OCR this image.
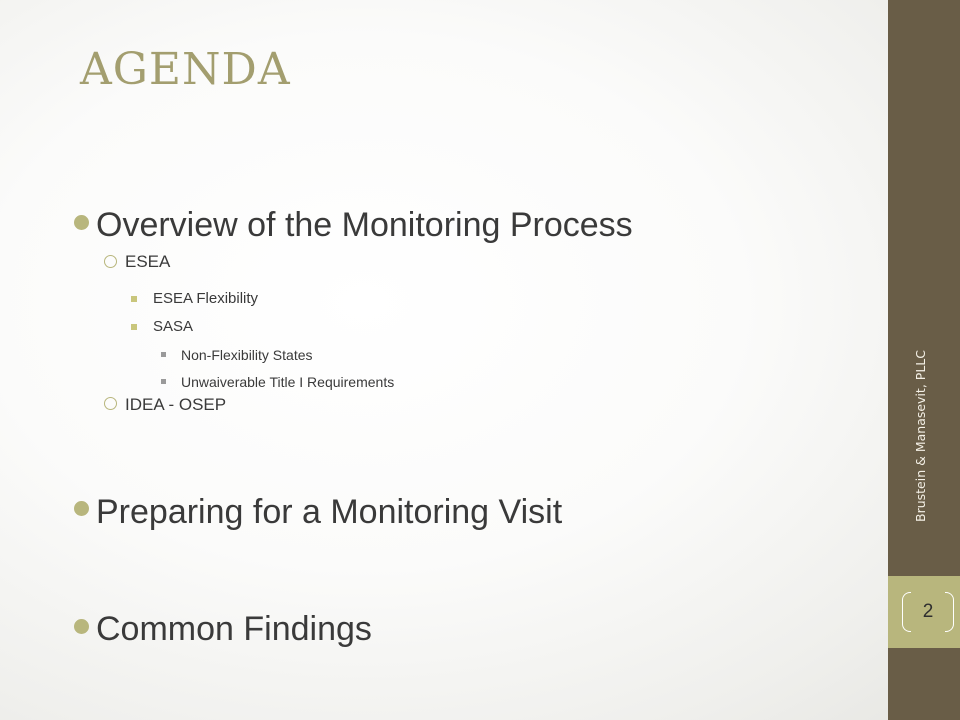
AGENDA
Overview of the Monitoring Process
ESEA
ESEA Flexibility
SASA
Non-Flexibility States
Unwaiverable Title I Requirements
IDEA - OSEP
Preparing for a Monitoring Visit
Common Findings
Brustein & Manasevit, PLLC
2
